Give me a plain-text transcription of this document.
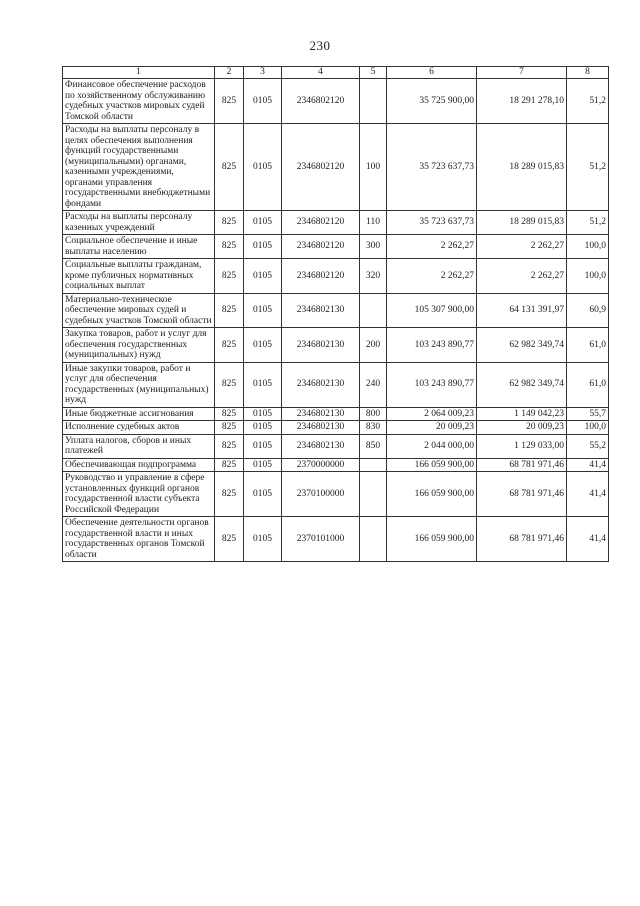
230
1	2	3	4	5	6	7	8
Финансовое обеспечение расходов по хозяйственному обслуживанию судебных участков мировых судей Томской области	825	0105	2346802120		35 725 900,00	18 291 278,10	51,2
Расходы на выплаты персоналу в целях обеспечения выполнения функций государственными (муниципальными) органами, казенными учреждениями, органами управления государственными внебюджетными фондами	825	0105	2346802120	100	35 723 637,73	18 289 015,83	51,2
Расходы на выплаты персоналу казенных учреждений	825	0105	2346802120	110	35 723 637,73	18 289 015,83	51,2
Социальное обеспечение и иные выплаты населению	825	0105	2346802120	300	2 262,27	2 262,27	100,0
Социальные выплаты гражданам, кроме публичных нормативных социальных выплат	825	0105	2346802120	320	2 262,27	2 262,27	100,0
Материально-техническое обеспечение мировых судей и судебных участков Томской области	825	0105	2346802130		105 307 900,00	64 131 391,97	60,9
Закупка товаров, работ и услуг для обеспечения государственных (муниципальных) нужд	825	0105	2346802130	200	103 243 890,77	62 982 349,74	61,0
Иные закупки товаров, работ и услуг для обеспечения государственных (муниципальных) нужд	825	0105	2346802130	240	103 243 890,77	62 982 349,74	61,0
Иные бюджетные ассигнования	825	0105	2346802130	800	2 064 009,23	1 149 042,23	55,7
Исполнение судебных актов	825	0105	2346802130	830	20 009,23	20 009,23	100,0
Уплата налогов, сборов и иных платежей	825	0105	2346802130	850	2 044 000,00	1 129 033,00	55,2
Обеспечивающая подпрограмма	825	0105	2370000000		166 059 900,00	68 781 971,46	41,4
Руководство и управление в сфере установленных функций органов государственной власти субъекта Российской Федерации	825	0105	2370100000		166 059 900,00	68 781 971,46	41,4
Обеспечение деятельности органов государственной власти и иных государственных органов Томской области	825	0105	2370101000		166 059 900,00	68 781 971,46	41,4
